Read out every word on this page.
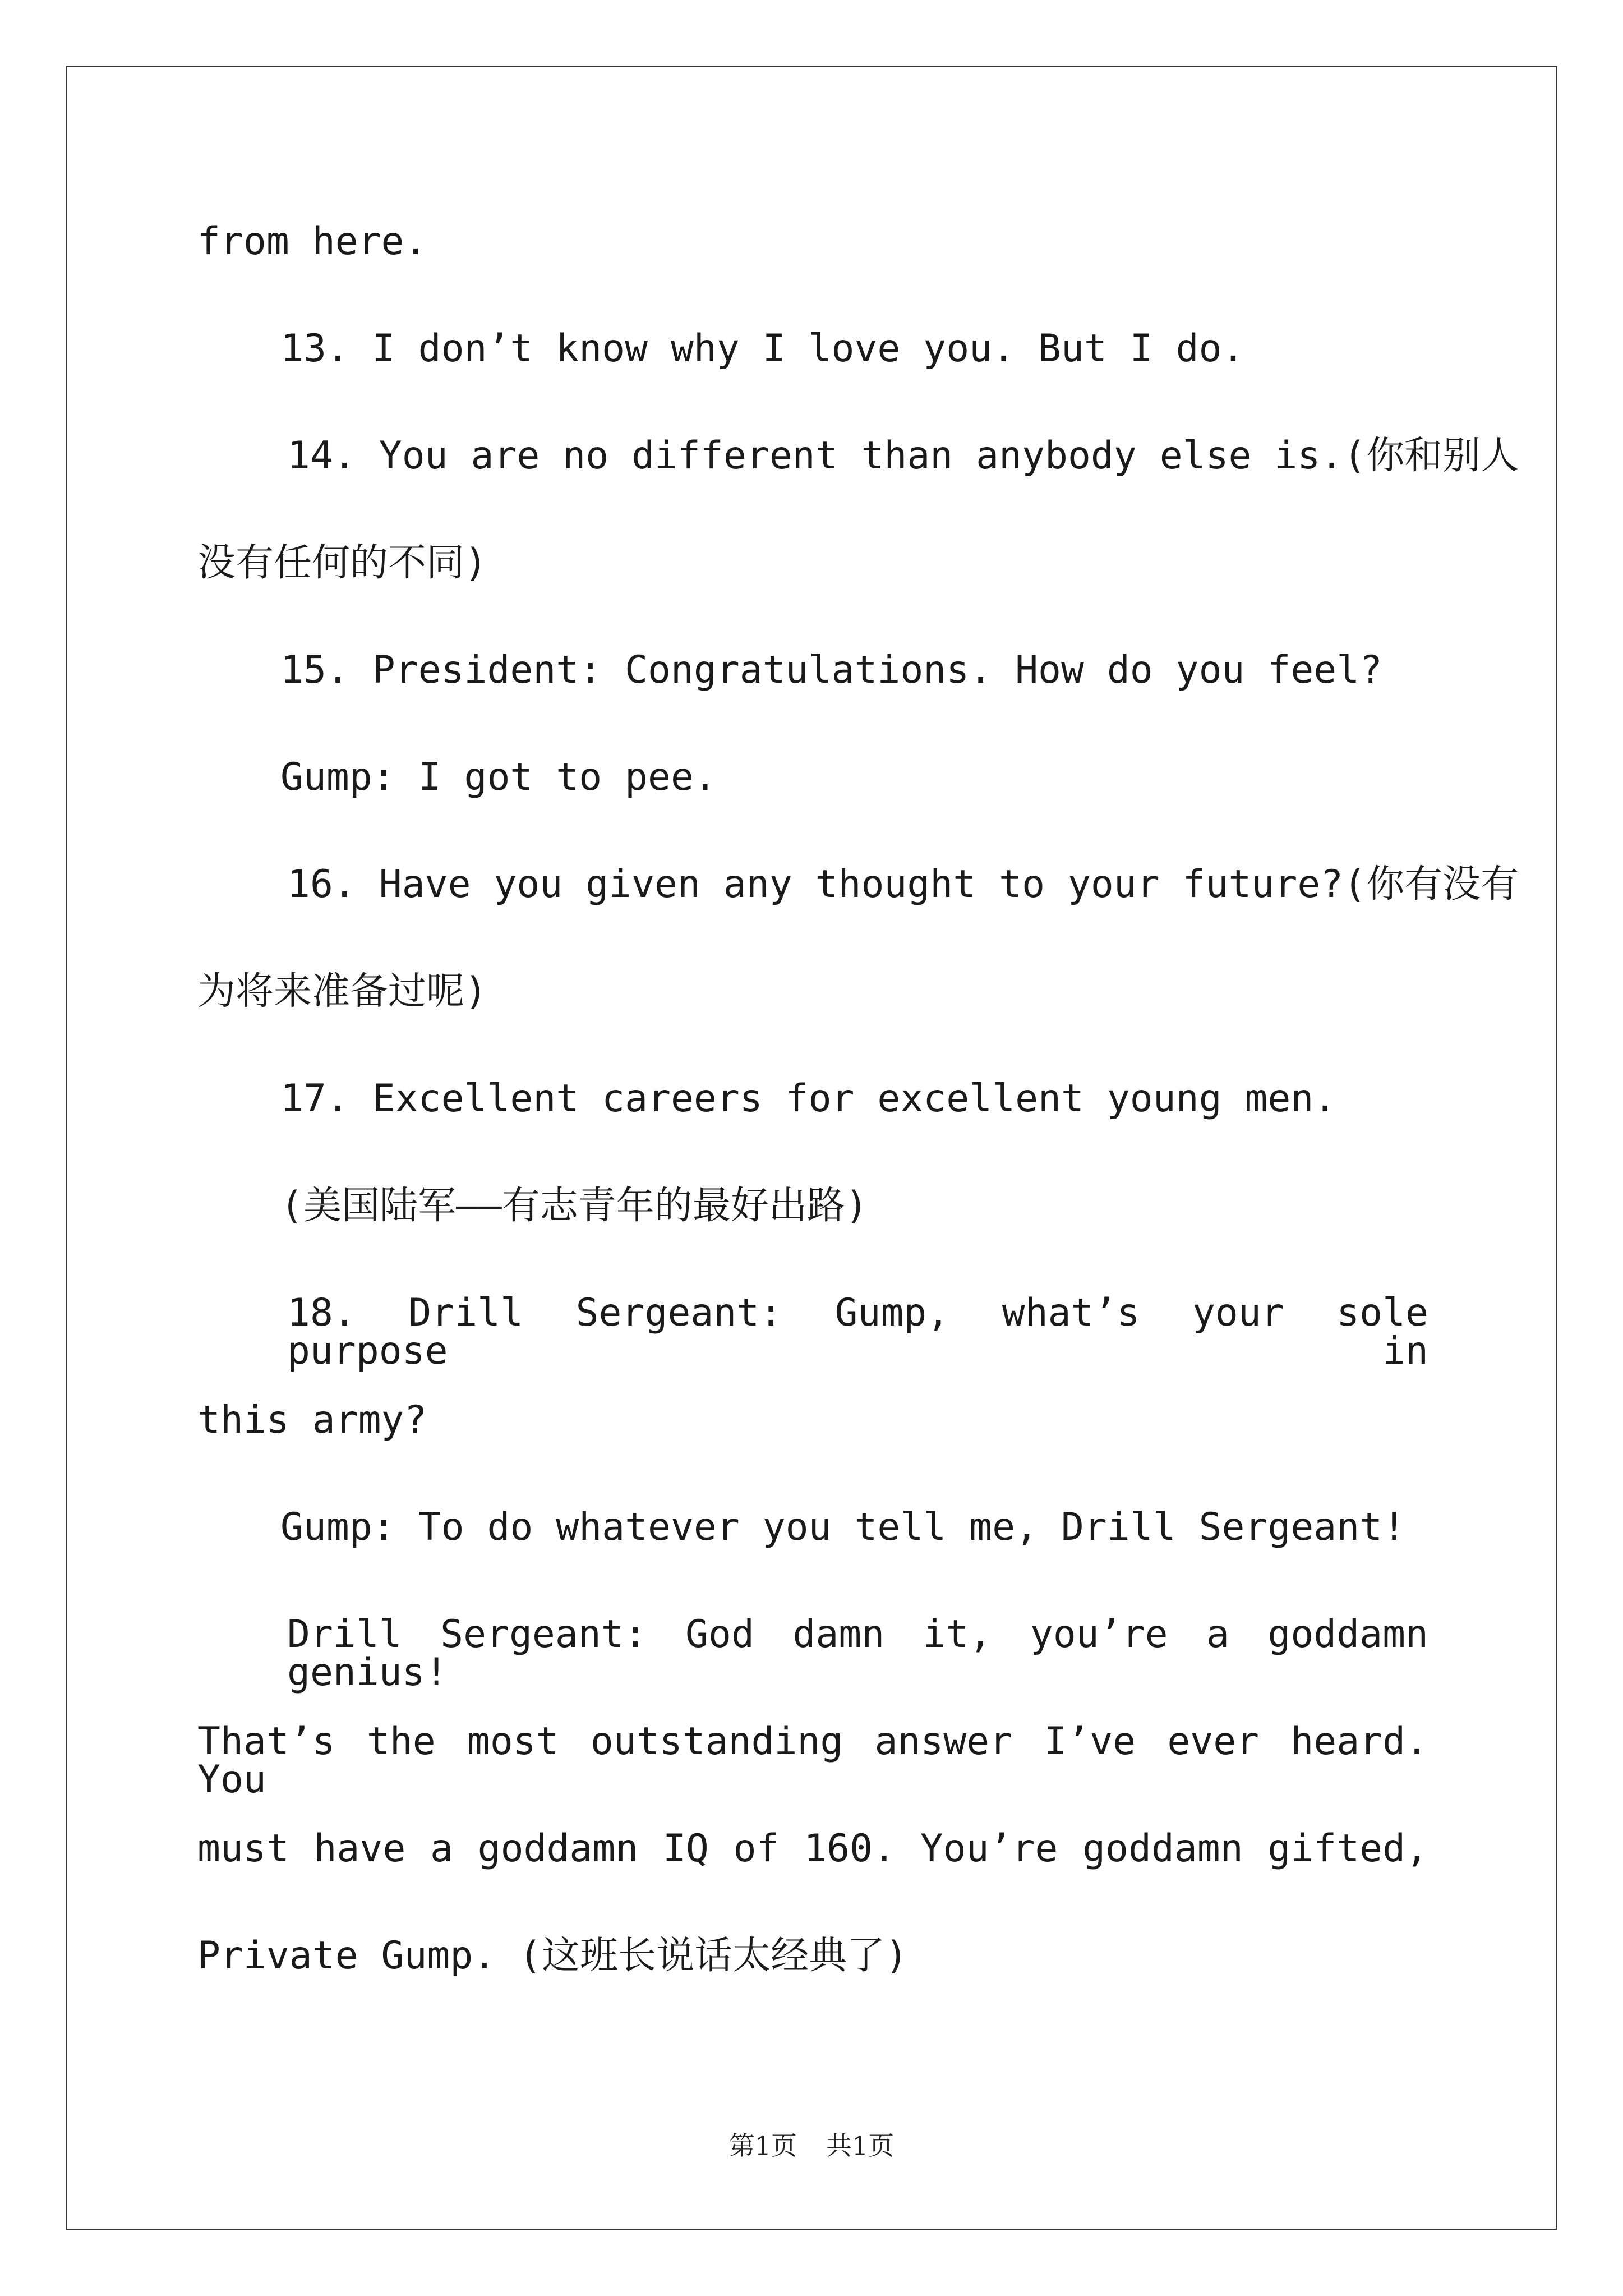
from here.
13. I don’t know why I love you. But I do.
14. You are no different than anybody else is.(你和别人
没有任何的不同)
15. President: Congratulations. How do you feel?
Gump: I got to pee.
16. Have you given any thought to your future?(你有没有
为将来准备过呢)
17. Excellent careers for excellent young men.
(美国陆军——有志青年的最好出路)
18. Drill Sergeant: Gump, what’s your sole purpose in
this army?
Gump: To do whatever you tell me, Drill Sergeant!
Drill Sergeant: God damn it, you’re a goddamn genius!
That’s the most outstanding answer I’ve ever heard. You
must have a goddamn IQ of 160. You’re goddamn gifted,
Private Gump. (这班长说话太经典了)
第1页 共1页
